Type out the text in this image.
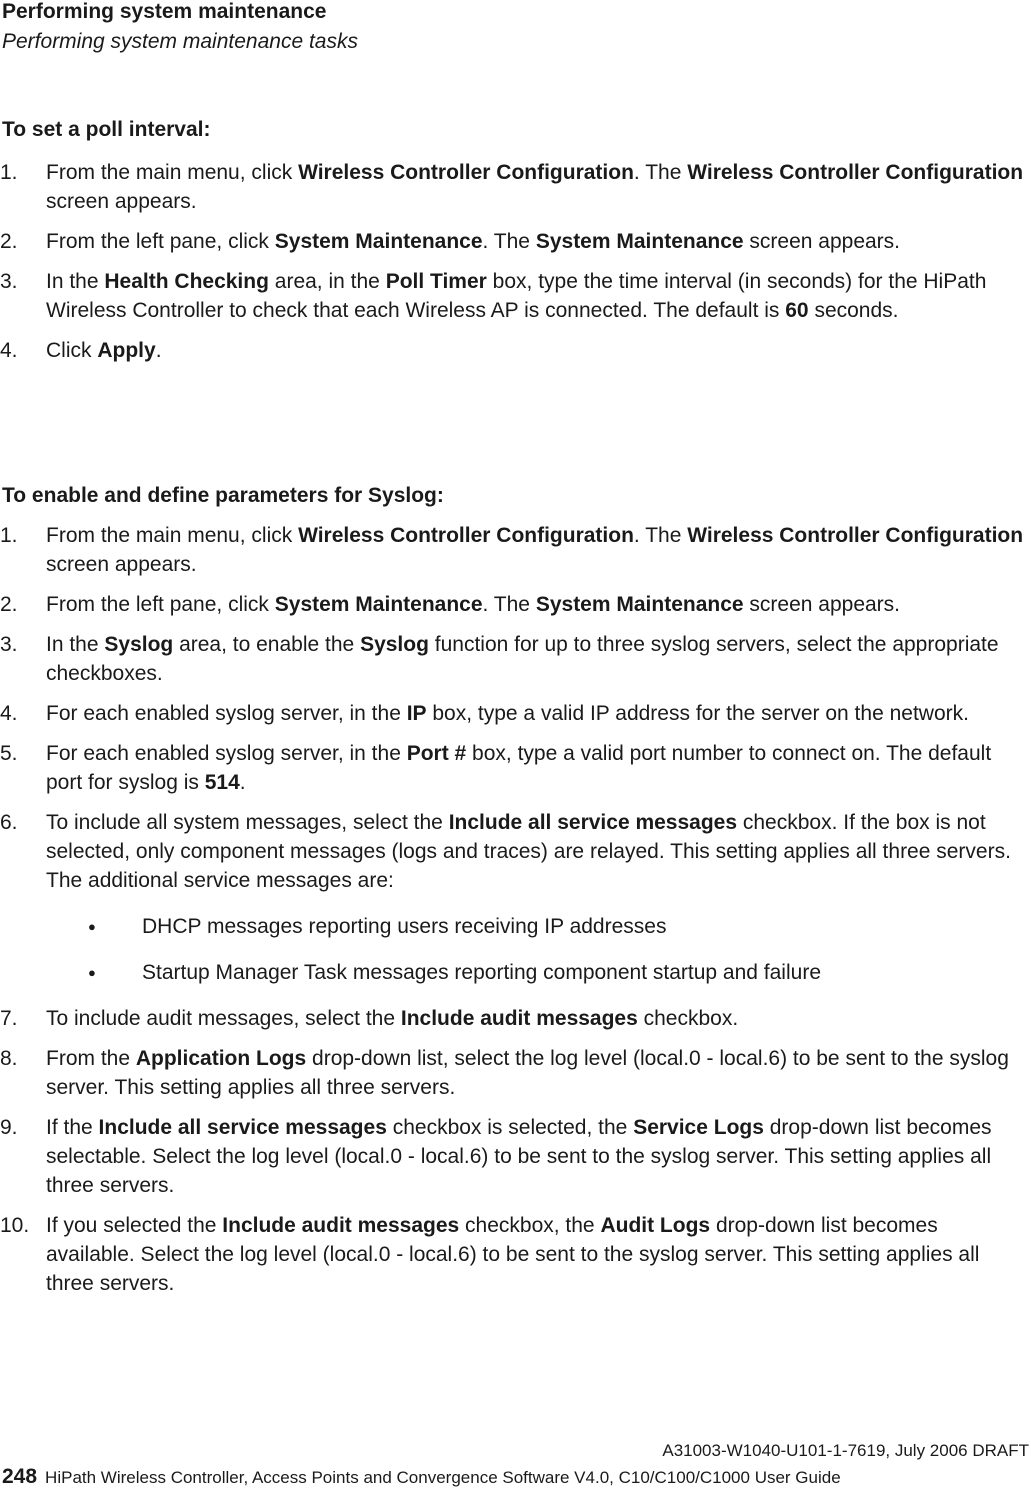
Performing system maintenance
Performing system maintenance tasks
To set a poll interval:
1. From the main menu, click Wireless Controller Configuration. The Wireless Controller Configuration screen appears.
2. From the left pane, click System Maintenance. The System Maintenance screen appears.
3. In the Health Checking area, in the Poll Timer box, type the time interval (in seconds) for the HiPath Wireless Controller to check that each Wireless AP is connected. The default is 60 seconds.
4. Click Apply.
To enable and define parameters for Syslog:
1. From the main menu, click Wireless Controller Configuration. The Wireless Controller Configuration screen appears.
2. From the left pane, click System Maintenance. The System Maintenance screen appears.
3. In the Syslog area, to enable the Syslog function for up to three syslog servers, select the appropriate checkboxes.
4. For each enabled syslog server, in the IP box, type a valid IP address for the server on the network.
5. For each enabled syslog server, in the Port # box, type a valid port number to connect on. The default port for syslog is 514.
6. To include all system messages, select the Include all service messages checkbox. If the box is not selected, only component messages (logs and traces) are relayed. This setting applies all three servers. The additional service messages are:
● DHCP messages reporting users receiving IP addresses
● Startup Manager Task messages reporting component startup and failure
7. To include audit messages, select the Include audit messages checkbox.
8. From the Application Logs drop-down list, select the log level (local.0 - local.6) to be sent to the syslog server. This setting applies all three servers.
9. If the Include all service messages checkbox is selected, the Service Logs drop-down list becomes selectable. Select the log level (local.0 - local.6) to be sent to the syslog server. This setting applies all three servers.
10. If you selected the Include audit messages checkbox, the Audit Logs drop-down list becomes available. Select the log level (local.0 - local.6) to be sent to the syslog server. This setting applies all three servers.
A31003-W1040-U101-1-7619, July 2006 DRAFT
248 HiPath Wireless Controller, Access Points and Convergence Software V4.0, C10/C100/C1000 User Guide
